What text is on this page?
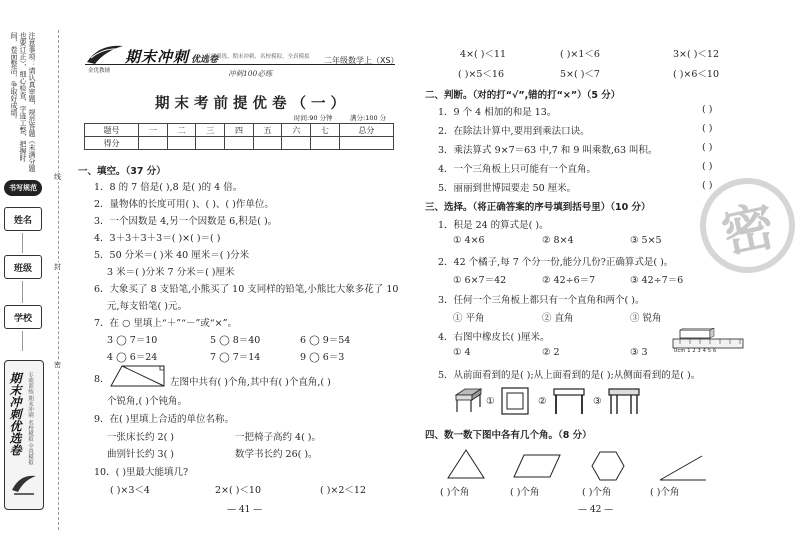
注意事项：请认真审题，规范答题（未满分题也要订正），细心检查，字迹工整，把握时间，卷面整洁，争取好成绩。
书写规范
姓名
班级
学校
线
封
密
期末冲刺优选卷 专项训练 期末冲刺 名校模拟 全真模拟
金优教辅
期末冲刺 优选卷
专项训练、期末冲刺、名校模拟、全真模拟
冲刺100必练
二年级数学上（XS）
期末考前提优卷（一）
时间:90 分钟	满分:100 分
题号	一	二	三	四	五	六	七	总分
得分								
一、填空。（37 分）
1．8 的 7 倍是( ),8 是( )的 4 倍。
2．量物体的长度可用( )、( )、( )作单位。
3．一个因数是 4,另一个因数是 6,积是( )。
4．3＋3＋3＋3＝( )×( )＝( )
5．50 分米＝( )米 40 厘米＝( )分米
3 米＝( )分米 7 分米＝( )厘米
6．大象买了 8 支铅笔,小熊买了 10 支同样的铅笔,小熊比大象多花了 10
元,每支铅笔( )元。
7．在 ○ 里填上“＋”“－”或“×”。
3 ◯ 7＝10	5 ◯ 8＝40	6 ◯ 9＝54
4 ◯ 6＝24	7 ◯ 7＝14	9 ◯ 6＝3
8.	左图中共有( )个角,其中有( )个直角,( )
个锐角,( )个钝角。
9．在( )里填上合适的单位名称。
一张床长约 2( )	一把椅子高约 4( )。
曲别针长约 3( )	数学书长约 26( )。
10．( )里最大能填几?
( )×3＜4	2×( )＜10	( )×2＜12
— 41 —
4×( )＜11	( )×1＜6	3×( )＜12
( )×5＜16	5×( )＜7	( )×6＜10
二、判断。（对的打“√”,错的打“×”）（5 分）
1．9 个 4 相加的和是 13。	( )
2．在除法计算中,要用到乘法口诀。	( )
3．乘法算式 9×7＝63 中,7 和 9 叫乘数,63 叫积。	( )
4．一个三角板上只可能有一个直角。	( )
5．丽丽到世博园要走 50 厘米。	( )
三、选择。（将正确答案的序号填到括号里）（10 分）
1．积是 24 的算式是( )。
① 4×6	② 8×4	③ 5×5
2．42 个橘子,每 7 个分一份,能分几份?正确算式是( )。
① 6×7＝42	② 42÷6＝7	③ 42÷7＝6
3．任何一个三角板上都只有一个直角和两个( )。
① 平角	② 直角	③ 锐角
4．右图中橡皮长( )厘米。
① 4	② 2	③ 3	0cm 1 2 3 4 5 6
5．从前面看到的是( );从上面看到的是( );从侧面看到的是( )。
①	②	③
四、数一数下图中各有几个角。（8 分）
( )个角	( )个角	( )个角	( )个角
— 42 —
密
